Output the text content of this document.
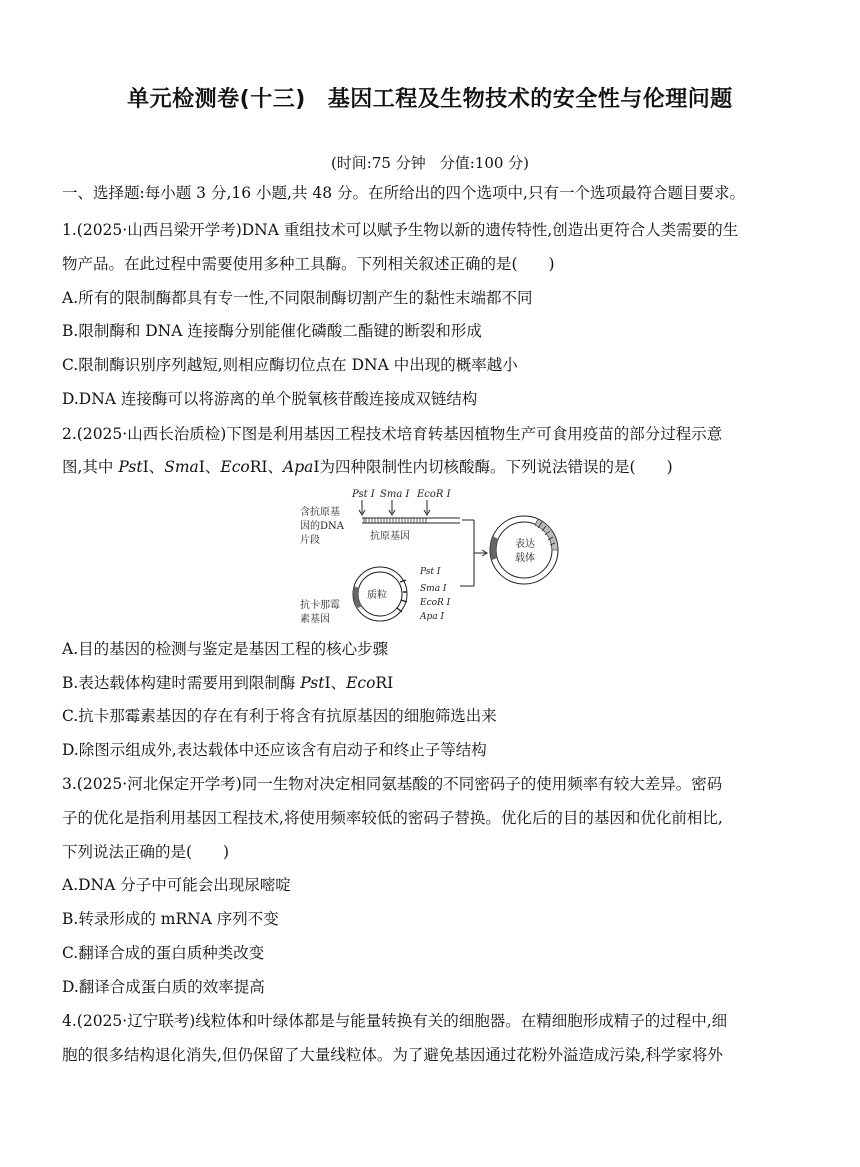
单元检测卷(十三) 基因工程及生物技术的安全性与伦理问题
(时间:75 分钟 分值:100 分)
一、选择题:每小题 3 分,16 小题,共 48 分。在所给出的四个选项中,只有一个选项最符合题目要求。
1.(2025·山西吕梁开学考)DNA 重组技术可以赋予生物以新的遗传特性,创造出更符合人类需要的生
物产品。在此过程中需要使用多种工具酶。下列相关叙述正确的是(　　)
A.所有的限制酶都具有专一性,不同限制酶切割产生的黏性末端都不同
B.限制酶和 DNA 连接酶分别能催化磷酸二酯键的断裂和形成
C.限制酶识别序列越短,则相应酶切位点在 DNA 中出现的概率越小
D.DNA 连接酶可以将游离的单个脱氧核苷酸连接成双链结构
2.(2025·山西长治质检)下图是利用基因工程技术培育转基因植物生产可食用疫苗的部分过程示意
图,其中 PstⅠ、SmaⅠ、EcoRⅠ、ApaⅠ为四种限制性内切核酸酶。下列说法错误的是(　　)
Pst Ⅰ Sma Ⅰ EcoR Ⅰ
含抗原基
因的DNA
片段	抗原基因
质粒
Pst Ⅰ
Sma Ⅰ
EcoR Ⅰ
Apa Ⅰ
抗卡那霉
素基因
表达
载体
A.目的基因的检测与鉴定是基因工程的核心步骤
B.表达载体构建时需要用到限制酶 PstⅠ、EcoRⅠ
C.抗卡那霉素基因的存在有利于将含有抗原基因的细胞筛选出来
D.除图示组成外,表达载体中还应该含有启动子和终止子等结构
3.(2025·河北保定开学考)同一生物对决定相同氨基酸的不同密码子的使用频率有较大差异。密码
子的优化是指利用基因工程技术,将使用频率较低的密码子替换。优化后的目的基因和优化前相比,
下列说法正确的是(　　)
A.DNA 分子中可能会出现尿嘧啶
B.转录形成的 mRNA 序列不变
C.翻译合成的蛋白质种类改变
D.翻译合成蛋白质的效率提高
4.(2025·辽宁联考)线粒体和叶绿体都是与能量转换有关的细胞器。在精细胞形成精子的过程中,细
胞的很多结构退化消失,但仍保留了大量线粒体。为了避免基因通过花粉外溢造成污染,科学家将外
